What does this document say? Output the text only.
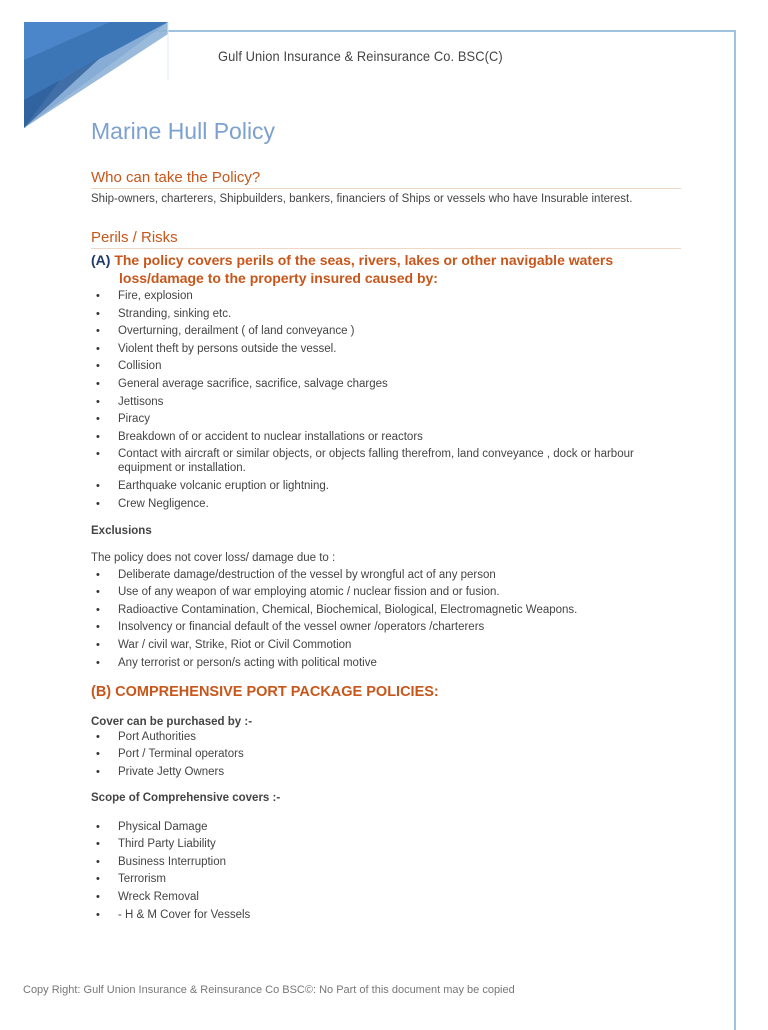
Gulf Union Insurance & Reinsurance Co. BSC(C)
Marine Hull Policy
Who can take the Policy?

Ship-owners, charterers, Shipbuilders, bankers, financiers of Ships or vessels who have Insurable interest.

Perils / Risks
(A) The policy covers perils of the seas, rivers, lakes or other navigable waters
loss/damage to the property insured caused by:
• Fire, explosion
• Stranding, sinking etc.
• Overturning, derailment ( of land conveyance )
• Violent theft by persons outside the vessel.
• Collision
• General average sacrifice, sacrifice, salvage charges
• Jettisons
• Piracy
• Breakdown of or accident to nuclear installations or reactors
• Contact with aircraft or similar objects, or objects falling therefrom, land conveyance , dock or harbour equipment or installation.
• Earthquake volcanic eruption or lightning.
• Crew Negligence.

Exclusions

The policy does not cover loss/ damage due to :

• Deliberate damage/destruction of the vessel by wrongful act of any person
• Use of any weapon of war employing atomic / nuclear fission and or fusion.
• Radioactive Contamination, Chemical, Biochemical, Biological, Electromagnetic Weapons.
• Insolvency or financial default of the vessel owner /operators /charterers
• War / civil war, Strike, Riot or Civil Commotion
• Any terrorist or person/s acting with political motive
(B) COMPREHENSIVE PORT PACKAGE POLICIES:

Cover can be purchased by :-

• Port Authorities
• Port / Terminal operators
• Private Jetty Owners

Scope of Comprehensive covers :-

• Physical Damage
• Third Party Liability
• Business Interruption
• Terrorism
• Wreck Removal
• - H & M Cover for Vessels
Copy Right: Gulf Union Insurance & Reinsurance Co BSC©: No Part of this document may be copied
